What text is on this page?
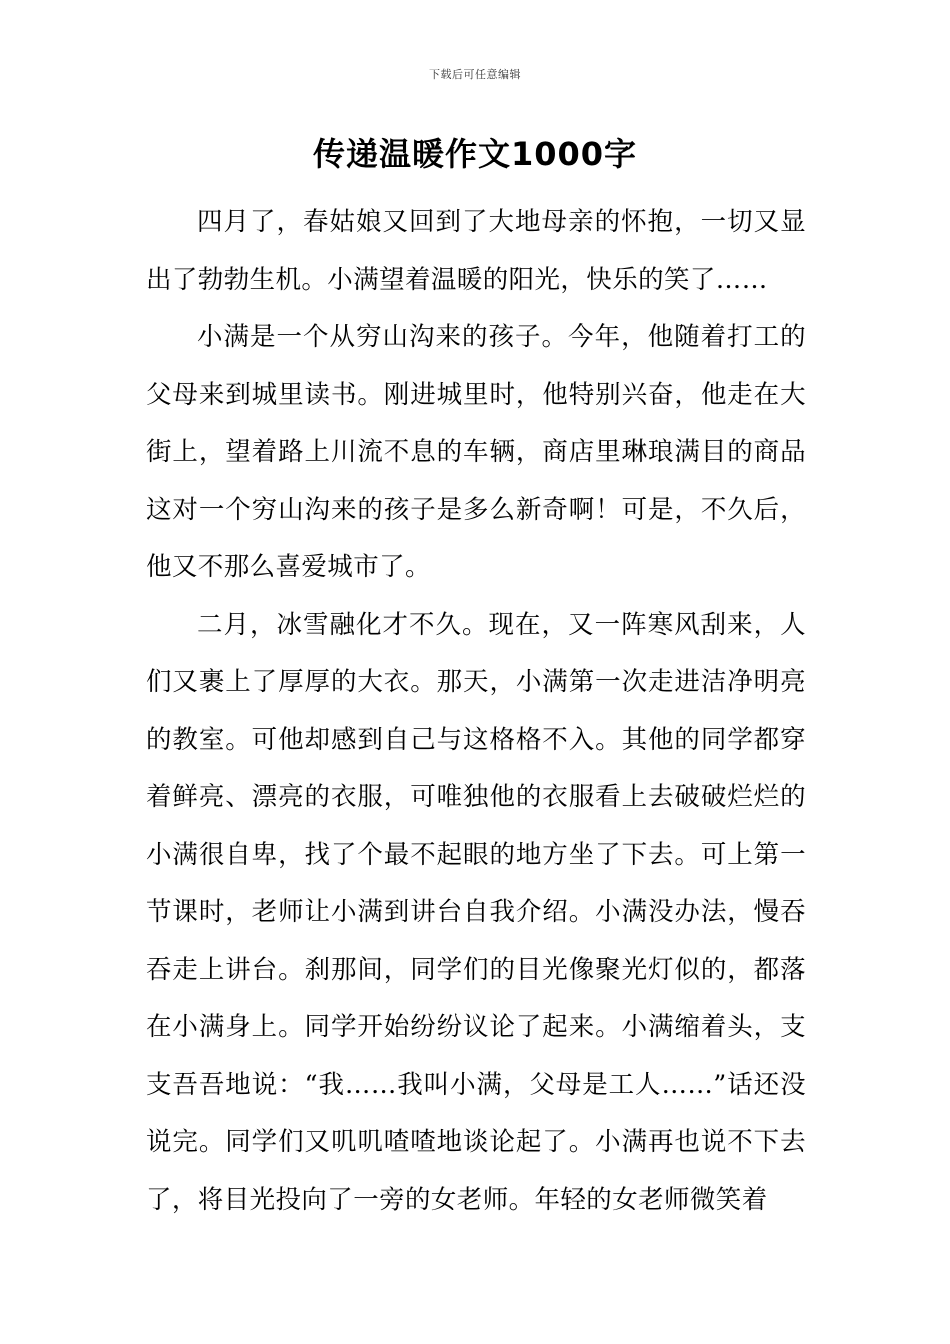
下载后可任意编辑
传递温暖作文1000字

四月了，春姑娘又回到了大地母亲的怀抱，一切又显出了勃勃生机。小满望着温暖的阳光，快乐的笑了……

小满是一个从穷山沟来的孩子。今年，他随着打工的父母来到城里读书。刚进城里时，他特别兴奋，他走在大街上，望着路上川流不息的车辆，商店里琳琅满目的商品这对一个穷山沟来的孩子是多么新奇啊！可是，不久后，他又不那么喜爱城市了。

二月，冰雪融化才不久。现在，又一阵寒风刮来，人们又裹上了厚厚的大衣。那天，小满第一次走进洁净明亮的教室。可他却感到自己与这格格不入。其他的同学都穿着鲜亮、漂亮的衣服，可唯独他的衣服看上去破破烂烂的小满很自卑，找了个最不起眼的地方坐了下去。可上第一节课时，老师让小满到讲台自我介绍。小满没办法，慢吞吞走上讲台。刹那间，同学们的目光像聚光灯似的，都落在小满身上。同学开始纷纷议论了起来。小满缩着头，支支吾吾地说：“我……我叫小满，父母是工人……”话还没说完。同学们又叽叽喳喳地谈论起了。小满再也说不下去了，将目光投向了一旁的女老师。年轻的女老师微笑着
